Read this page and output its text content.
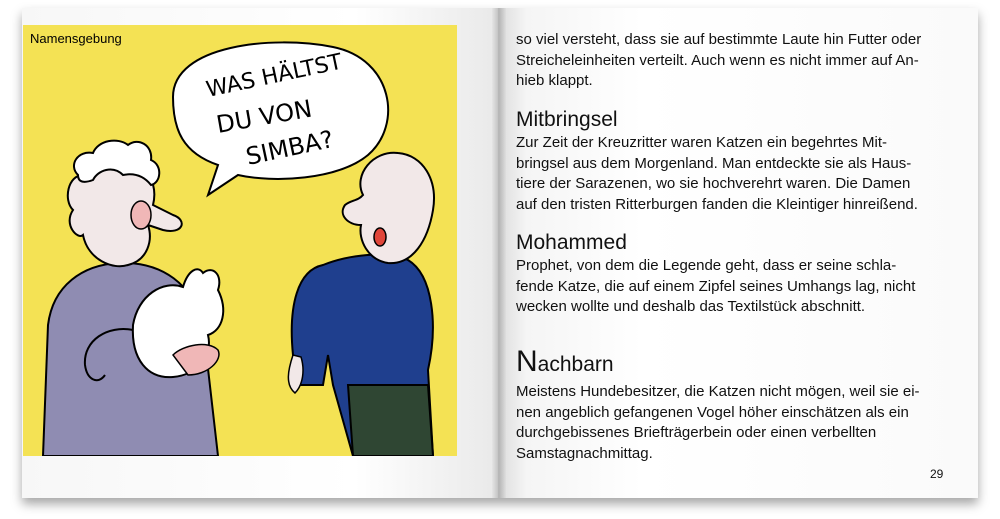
WAS HÄLTST
DU VON
SIMBA?
Namensgebung	so viel versteht, dass sie auf bestimmte Laute hin Futter oder
Streicheleinheiten verteilt. Auch wenn es nicht immer auf An-
hieb klappt.
Mitbringsel
Zur Zeit der Kreuzritter waren Katzen ein begehrtes Mit-
bringsel aus dem Morgenland. Man entdeckte sie als Haus-
tiere der Sarazenen, wo sie hochverehrt waren. Die Damen
auf den tristen Ritterburgen fanden die Kleintiger hinreißend.
Mohammed
Prophet, von dem die Legende geht, dass er seine schla-
fende Katze, die auf einem Zipfel seines Umhangs lag, nicht
wecken wollte und deshalb das Textilstück abschnitt.
Nachbarn
Meistens Hundebesitzer, die Katzen nicht mögen, weil sie ei-
nen angeblich gefangenen Vogel höher einschätzen als ein
durchgebissenes Briefträgerbein oder einen verbellten
Samstagnachmittag.
29
